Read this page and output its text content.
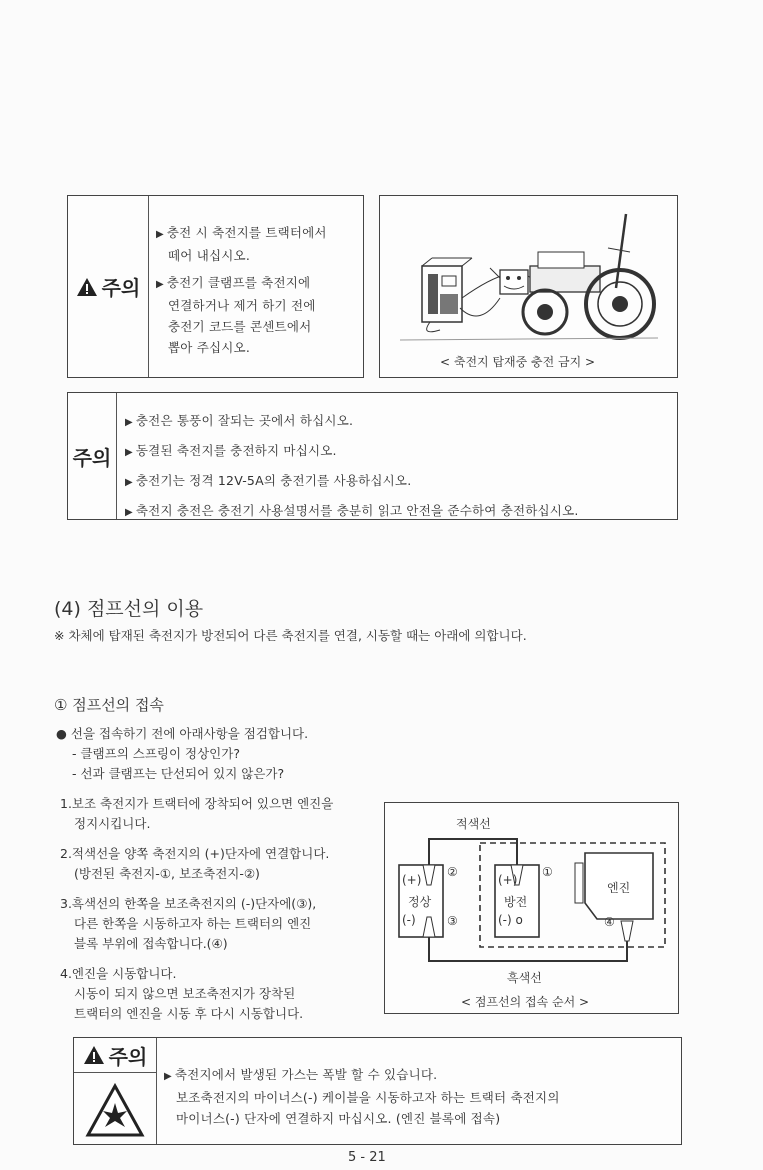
주의
▶ 충전 시 축전지를 트랙터에서
떼어 내십시오.
▶ 충전기 클램프를 축전지에
연결하거나 제거 하기 전에
충전기 코드를 콘센트에서
뽑아 주십시오.
< 축전지 탑재중 충전 금지 >
주의
▶ 충전은 통풍이 잘되는 곳에서 하십시오.
▶ 동결된 축전지를 충전하지 마십시오.
▶ 충전기는 정격 12V-5A의 충전기를 사용하십시오.
▶ 축전지 충전은 충전기 사용설명서를 충분히 읽고 안전을 준수하여 충전하십시오.
(4) 점프선의 이용
※ 차체에 탑재된 축전지가 방전되어 다른 축전지를 연결, 시동할 때는 아래에 의합니다.
① 점프선의 접속
● 선을 접속하기 전에 아래사항을 점검합니다.
- 클램프의 스프링이 정상인가?
- 선과 클램프는 단선되어 있지 않은가?
1.보조 축전지가 트랙터에 장착되어 있으면 엔진을
정지시킵니다.
2.적색선을 양쪽 축전지의 (+)단자에 연결합니다.
(방전된 축전지-①, 보조축전지-②)
3.흑색선의 한쪽을 보조축전지의 (-)단자에(③),
다른 한쪽을 시동하고자 하는 트랙터의 엔진
블록 부위에 접속합니다.(④)
4.엔진을 시동합니다.
시동이 되지 않으면 보조축전지가 장착된
트랙터의 엔진을 시동 후 다시 시동합니다.
적색선
(+)
정상
(-)
②
③
(+)
방전
(-) ο
①
엔진
④
흑색선
< 점프선의 접속 순서 >
주의
▶ 축전지에서 발생된 가스는 폭발 할 수 있습니다.
보조축전지의 마이너스(-) 케이블을 시동하고자 하는 트랙터 축전지의
마이너스(-) 단자에 연결하지 마십시오. (엔진 블록에 접속)
5 - 21
